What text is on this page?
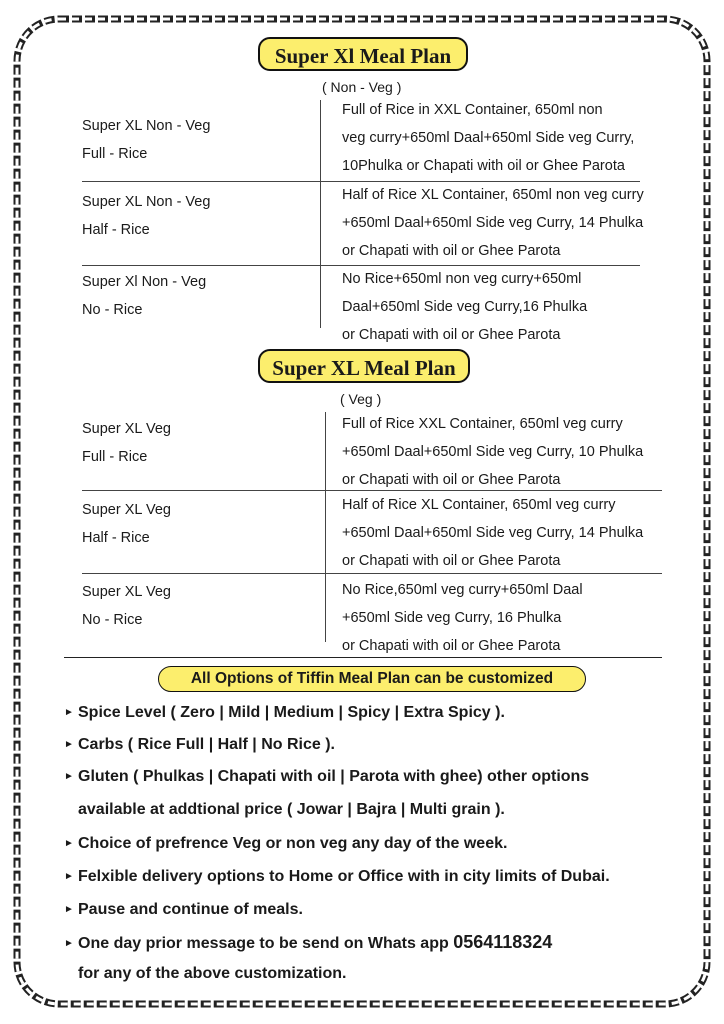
Super Xl Meal Plan
( Non - Veg )
Super XL Non - Veg
Full - Rice
Full of Rice in XXL Container, 650ml non
veg curry+650ml Daal+650ml Side veg Curry,
10Phulka or Chapati with oil or Ghee Parota
Super XL Non - Veg
Half - Rice
Half of Rice XL Container, 650ml non veg curry
+650ml Daal+650ml Side veg Curry, 14 Phulka
or Chapati with oil or Ghee Parota
Super Xl Non - Veg
No - Rice
No Rice+650ml non veg curry+650ml
Daal+650ml Side veg Curry,16 Phulka
or Chapati with oil or Ghee Parota
Super XL Meal Plan
( Veg )
Super XL Veg
Full - Rice
Full of Rice XXL Container, 650ml veg curry
+650ml Daal+650ml Side veg Curry, 10 Phulka
or Chapati with oil or Ghee Parota
Super XL Veg
Half - Rice
Half of Rice XL Container, 650ml veg curry
+650ml Daal+650ml Side veg Curry, 14 Phulka
or Chapati with oil or Ghee Parota
Super XL Veg
No - Rice
No Rice,650ml veg curry+650ml Daal
+650ml Side veg Curry, 16 Phulka
or Chapati with oil or Ghee Parota
All Options of Tiffin Meal Plan can be customized
► Spice Level ( Zero | Mild | Medium | Spicy | Extra Spicy ).
► Carbs ( Rice Full | Half | No Rice ).
► Gluten ( Phulkas | Chapati with oil | Parota with ghee) other options
available at addtional price ( Jowar | Bajra | Multi grain ).
► Choice of prefrence Veg or non veg any day of the week.
► Felxible delivery options to Home or Office with in city limits of Dubai.
► Pause and continue of meals.
► One day prior message to be send on Whats app 0564118324
for any of the above customization.
